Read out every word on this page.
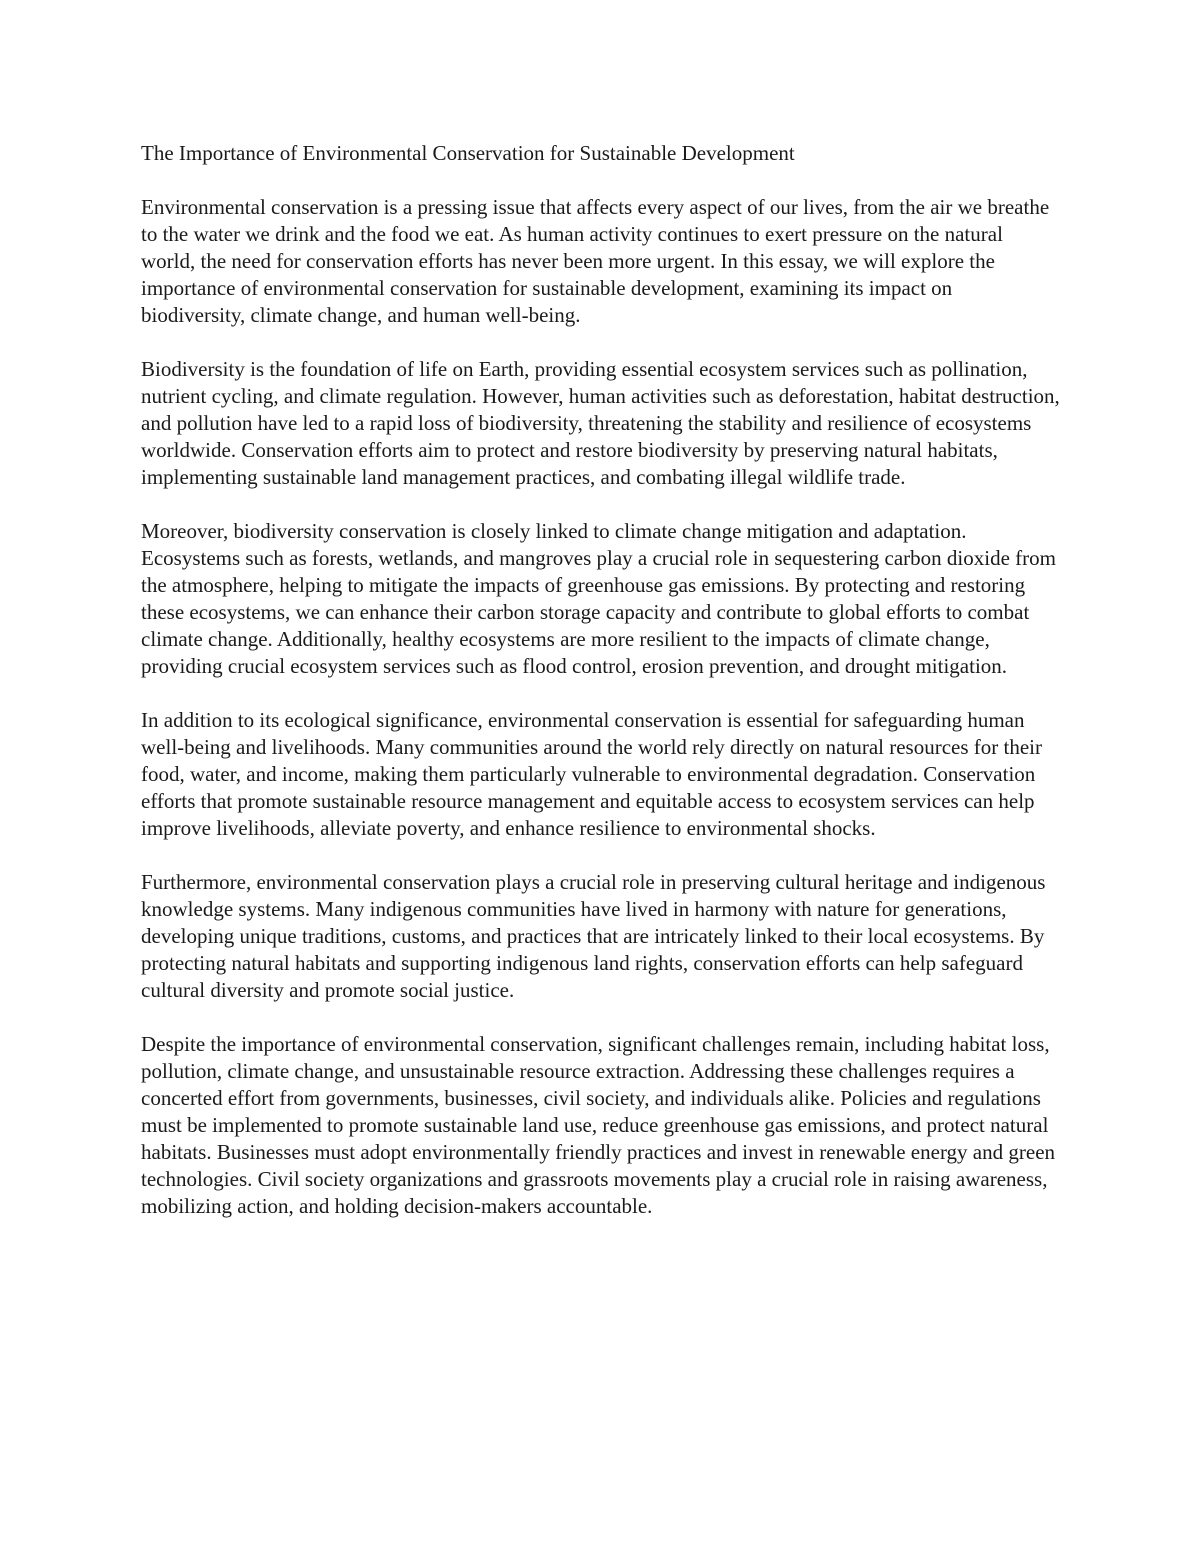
The Importance of Environmental Conservation for Sustainable Development

Environmental conservation is a pressing issue that affects every aspect of our lives, from the air we breathe to the water we drink and the food we eat. As human activity continues to exert pressure on the natural world, the need for conservation efforts has never been more urgent. In this essay, we will explore the importance of environmental conservation for sustainable development, examining its impact on biodiversity, climate change, and human well-being.

Biodiversity is the foundation of life on Earth, providing essential ecosystem services such as pollination, nutrient cycling, and climate regulation. However, human activities such as deforestation, habitat destruction, and pollution have led to a rapid loss of biodiversity, threatening the stability and resilience of ecosystems worldwide. Conservation efforts aim to protect and restore biodiversity by preserving natural habitats, implementing sustainable land management practices, and combating illegal wildlife trade.

Moreover, biodiversity conservation is closely linked to climate change mitigation and adaptation. Ecosystems such as forests, wetlands, and mangroves play a crucial role in sequestering carbon dioxide from the atmosphere, helping to mitigate the impacts of greenhouse gas emissions. By protecting and restoring these ecosystems, we can enhance their carbon storage capacity and contribute to global efforts to combat climate change. Additionally, healthy ecosystems are more resilient to the impacts of climate change, providing crucial ecosystem services such as flood control, erosion prevention, and drought mitigation.

In addition to its ecological significance, environmental conservation is essential for safeguarding human well-being and livelihoods. Many communities around the world rely directly on natural resources for their food, water, and income, making them particularly vulnerable to environmental degradation. Conservation efforts that promote sustainable resource management and equitable access to ecosystem services can help improve livelihoods, alleviate poverty, and enhance resilience to environmental shocks.

Furthermore, environmental conservation plays a crucial role in preserving cultural heritage and indigenous knowledge systems. Many indigenous communities have lived in harmony with nature for generations, developing unique traditions, customs, and practices that are intricately linked to their local ecosystems. By protecting natural habitats and supporting indigenous land rights, conservation efforts can help safeguard cultural diversity and promote social justice.

Despite the importance of environmental conservation, significant challenges remain, including habitat loss, pollution, climate change, and unsustainable resource extraction. Addressing these challenges requires a concerted effort from governments, businesses, civil society, and individuals alike. Policies and regulations must be implemented to promote sustainable land use, reduce greenhouse gas emissions, and protect natural habitats. Businesses must adopt environmentally friendly practices and invest in renewable energy and green technologies. Civil society organizations and grassroots movements play a crucial role in raising awareness, mobilizing action, and holding decision-makers accountable.
